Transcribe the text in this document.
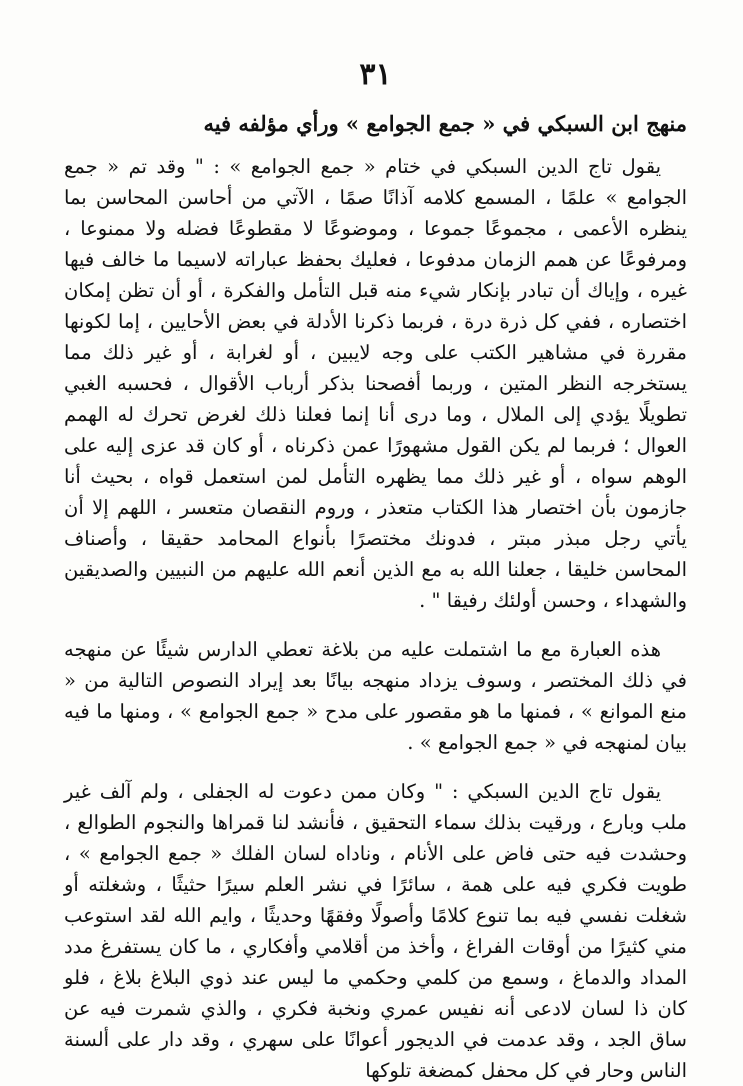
٣١
منهج ابن السبكي في « جمع الجوامع » ورأي مؤلفه فيه

يقول تاج الدين السبكي في ختام « جمع الجوامع » : " وقد تم « جمع الجوامع » علمًا ، المسمع كلامه آذانًا صمًا ، الآتي من أحاسن المحاسن بما ينظره الأعمى ، مجموعًا جموعا ، وموضوعًا لا مقطوعًا فضله ولا ممنوعا ، ومرفوعًا عن همم الزمان مدفوعا ، فعليك بحفظ عباراته لاسيما ما خالف فيها غيره ، وإياك أن تبادر بإنكار شيء منه قبل التأمل والفكرة ، أو أن تظن إمكان اختصاره ، ففي كل ذرة درة ، فربما ذكرنا الأدلة في بعض الأحايين ، إما لكونها مقررة في مشاهير الكتب على وجه لايبين ، أو لغرابة ، أو غير ذلك مما يستخرجه النظر المتين ، وربما أفصحنا بذكر أرباب الأقوال ، فحسبه الغبي تطويلًا يؤدي إلى الملال ، وما درى أنا إنما فعلنا ذلك لغرض تحرك له الهمم العوال ؛ فربما لم يكن القول مشهورًا عمن ذكرناه ، أو كان قد عزى إليه على الوهم سواه ، أو غير ذلك مما يظهره التأمل لمن استعمل قواه ، بحيث أنا جازمون بأن اختصار هذا الكتاب متعذر ، وروم النقصان متعسر ، اللهم إلا أن يأتي رجل مبذر مبتر ، فدونك مختصرًا بأنواع المحامد حقيقا ، وأصناف المحاسن خليقا ، جعلنا الله به مع الذين أنعم الله عليهم من النبيين والصديقين والشهداء ، وحسن أولئك رفيقا " .

هذه العبارة مع ما اشتملت عليه من بلاغة تعطي الدارس شيئًا عن منهجه في ذلك المختصر ، وسوف يزداد منهجه بيانًا بعد إيراد النصوص التالية من « منع الموانع » ، فمنها ما هو مقصور على مدح « جمع الجوامع » ، ومنها ما فيه بيان لمنهجه في « جمع الجوامع » .

يقول تاج الدين السبكي : " وكان ممن دعوت له الجفلى ، ولم آلف غير ملب وبارع ، ورقيت بذلك سماء التحقيق ، فأنشد لنا قمراها والنجوم الطوالع ، وحشدت فيه حتى فاض على الأنام ، وناداه لسان الفلك « جمع الجوامع » ، طويت فكري فيه على همة ، سائرًا في نشر العلم سيرًا حثيثًا ، وشغلته أو شغلت نفسي فيه بما تنوع كلامًا وأصولًا وفقهًا وحديثًا ، وايم الله لقد استوعب مني كثيرًا من أوقات الفراغ ، وأخذ من أقلامي وأفكاري ، ما كان يستفرغ مدد المداد والدماغ ، وسمع من كلمي وحكمي ما ليس عند ذوي البلاغ بلاغ ، فلو كان ذا لسان لادعى أنه نفيس عمري ونخبة فكري ، والذي شمرت فيه عن ساق الجد ، وقد عدمت في الديجور أعوانًا على سهري ، وقد دار على ألسنة الناس وحار في كل محفل كمضغة تلوكها
